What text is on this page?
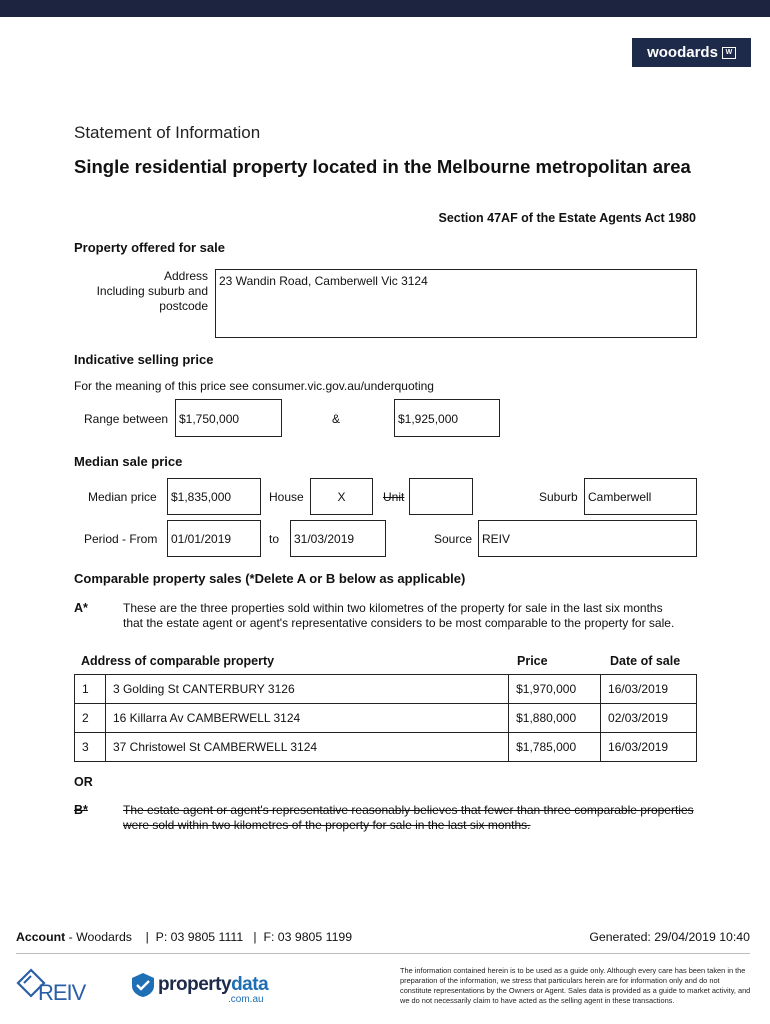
woodards	W
Statement of Information
Single residential property located in the Melbourne metropolitan area
Section 47AF of the Estate Agents Act 1980
Property offered for sale
Address
Including suburb and
postcode
23 Wandin Road, Camberwell Vic 3124
Indicative selling price
For the meaning of this price see consumer.vic.gov.au/underquoting
Range between $1,750,000	&	$1,925,000
Median sale price
Median price	$1,835,000	House	X	Unit	Suburb Camberwell
Period - From	01/01/2019	to	31/03/2019	Source REIV
Comparable property sales (*Delete A or B below as applicable)
A*	These are the three properties sold within two kilometres of the property for sale in the last six months that the estate agent or agent's representative considers to be most comparable to the property for sale.
Address of comparable property	Price	Date of sale
1	3 Golding St CANTERBURY 3126	$1,970,000	16/03/2019
2	16 Killarra Av CAMBERWELL 3124	$1,880,000	02/03/2019
3	37 Christowel St CAMBERWELL 3124	$1,785,000	16/03/2019
OR
B*	The estate agent or agent's representative reasonably believes that fewer than three comparable properties were sold within two kilometres of the property for sale in the last six months.
Account - Woodards    |  P: 03 9805 1111   |  F: 03 9805 1199	Generated: 29/04/2019 10:40
REIV	propertydata
.com.au
The information contained herein is to be used as a guide only. Although every care has been taken in the preparation of the information, we stress that particulars herein are for information only and do not constitute representations by the Owners or Agent. Sales data is provided as a guide to market activity, and we do not necessarily claim to have acted as the selling agent in these transactions.
